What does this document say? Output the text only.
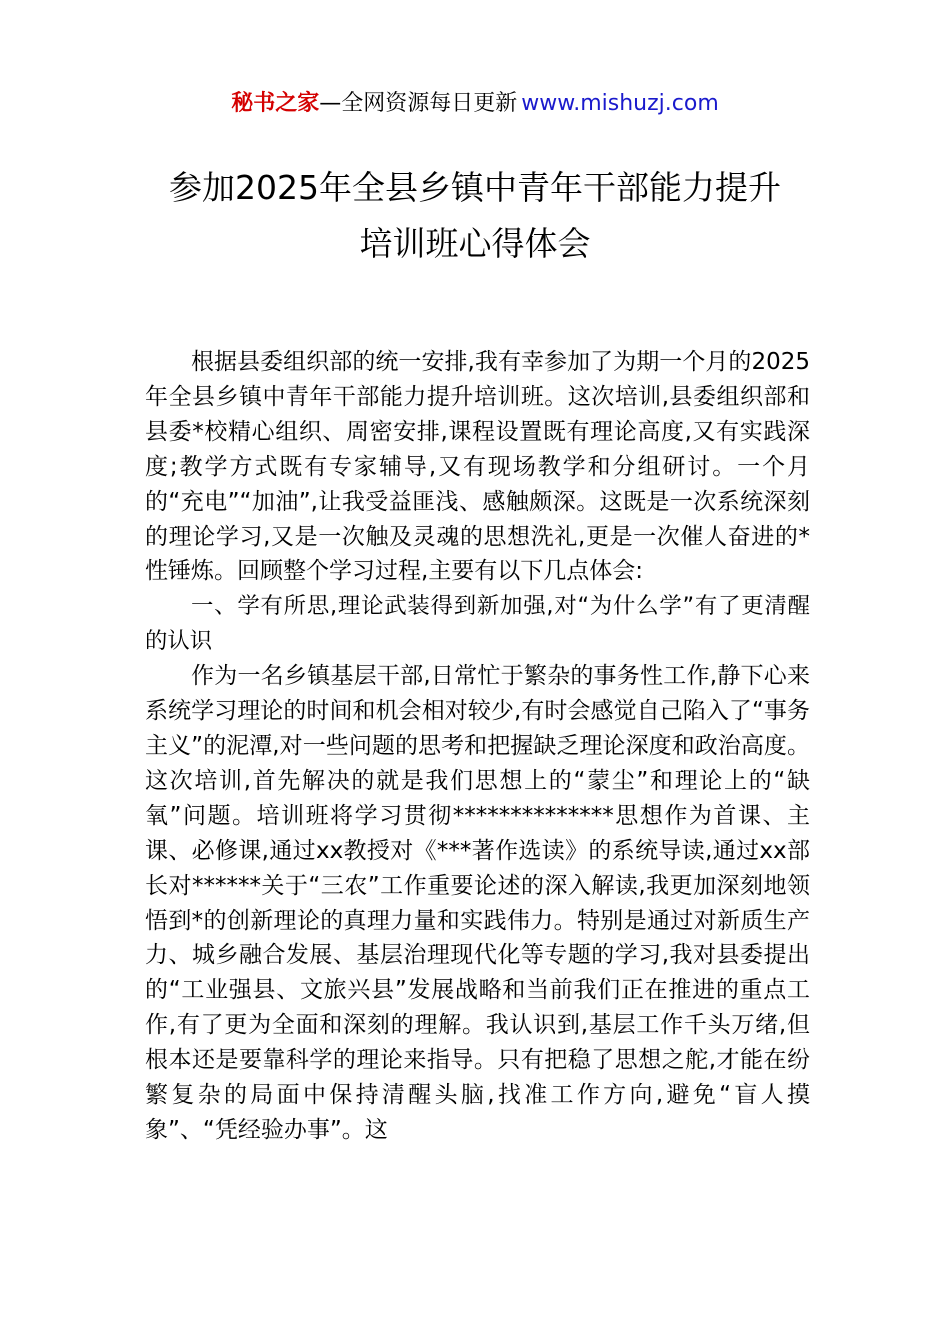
秘书之家—全网资源每日更新 www.mishuzj.com
参加2025年全县乡镇中青年干部能力提升
培训班心得体会

根据县委组织部的统一安排,我有幸参加了为期一个月的2025年全县乡镇中青年干部能力提升培训班。这次培训,县委组织部和县委*校精心组织、周密安排,课程设置既有理论高度,又有实践深度;教学方式既有专家辅导,又有现场教学和分组研讨。一个月的“充电”“加油”,让我受益匪浅、感触颇深。这既是一次系统深刻的理论学习,又是一次触及灵魂的思想洗礼,更是一次催人奋进的*性锤炼。回顾整个学习过程,主要有以下几点体会:

一、学有所思,理论武装得到新加强,对“为什么学”有了更清醒的认识

作为一名乡镇基层干部,日常忙于繁杂的事务性工作,静下心来系统学习理论的时间和机会相对较少,有时会感觉自己陷入了“事务主义”的泥潭,对一些问题的思考和把握缺乏理论深度和政治高度。这次培训,首先解决的就是我们思想上的“蒙尘”和理论上的“缺氧”问题。培训班将学习贯彻**************思想作为首课、主课、必修课,通过xx教授对《***著作选读》的系统导读,通过xx部长对******关于“三农”工作重要论述的深入解读,我更加深刻地领悟到*的创新理论的真理力量和实践伟力。特别是通过对新质生产力、城乡融合发展、基层治理现代化等专题的学习,我对县委提出的“工业强县、文旅兴县”发展战略和当前我们正在推进的重点工作,有了更为全面和深刻的理解。我认识到,基层工作千头万绪,但根本还是要靠科学的理论来指导。只有把稳了思想之舵,才能在纷繁复杂的局面中保持清醒头脑,找准工作方向,避免“盲人摸象”、“凭经验办事”。这
